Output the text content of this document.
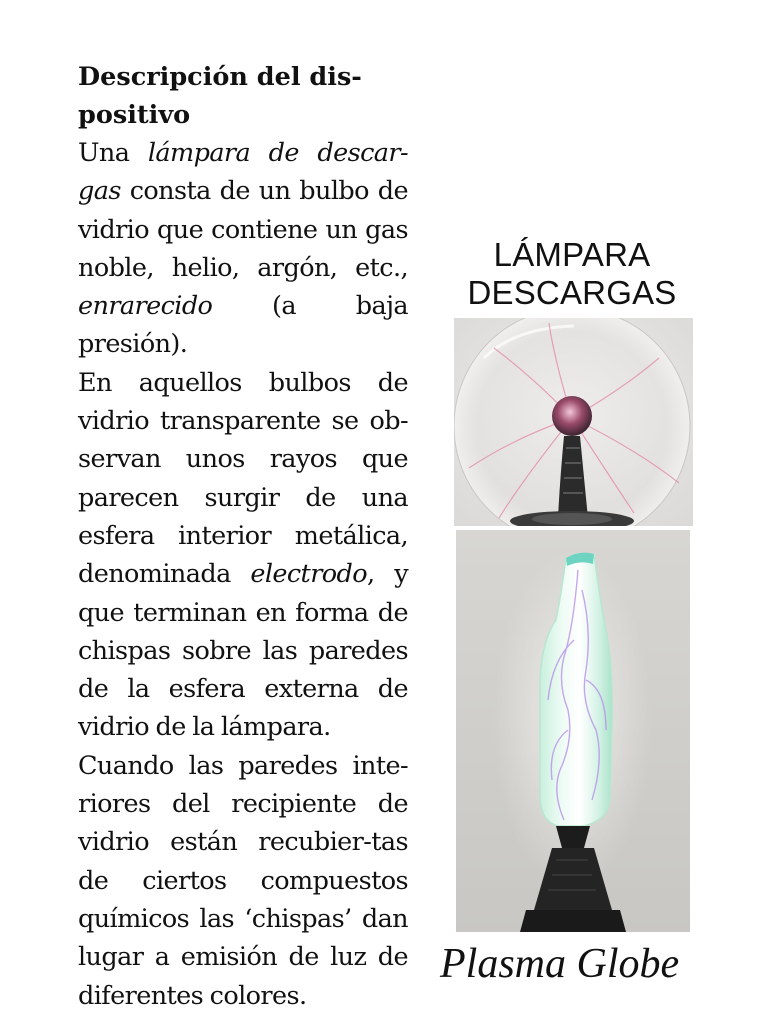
Descripción del dis-
positivo

Una lámpara de descar-gas consta de un bulbo de vidrio que contiene un gas noble, helio, argón, etc., enrarecido (a baja presión).

En aquellos bulbos de vidrio transparente se ob-servan unos rayos que parecen surgir de una esfera interior metálica, denominada electrodo, y que terminan en forma de chispas sobre las paredes de la esfera externa de vidrio de la lámpara.

Cuando las paredes inte-riores del recipiente de vidrio están recubier-tas de ciertos compuestos químicos las ‘chispas’ dan lugar a emisión de luz de diferentes colores.

LÁMPARA
DESCARGAS

Plasma Globe
